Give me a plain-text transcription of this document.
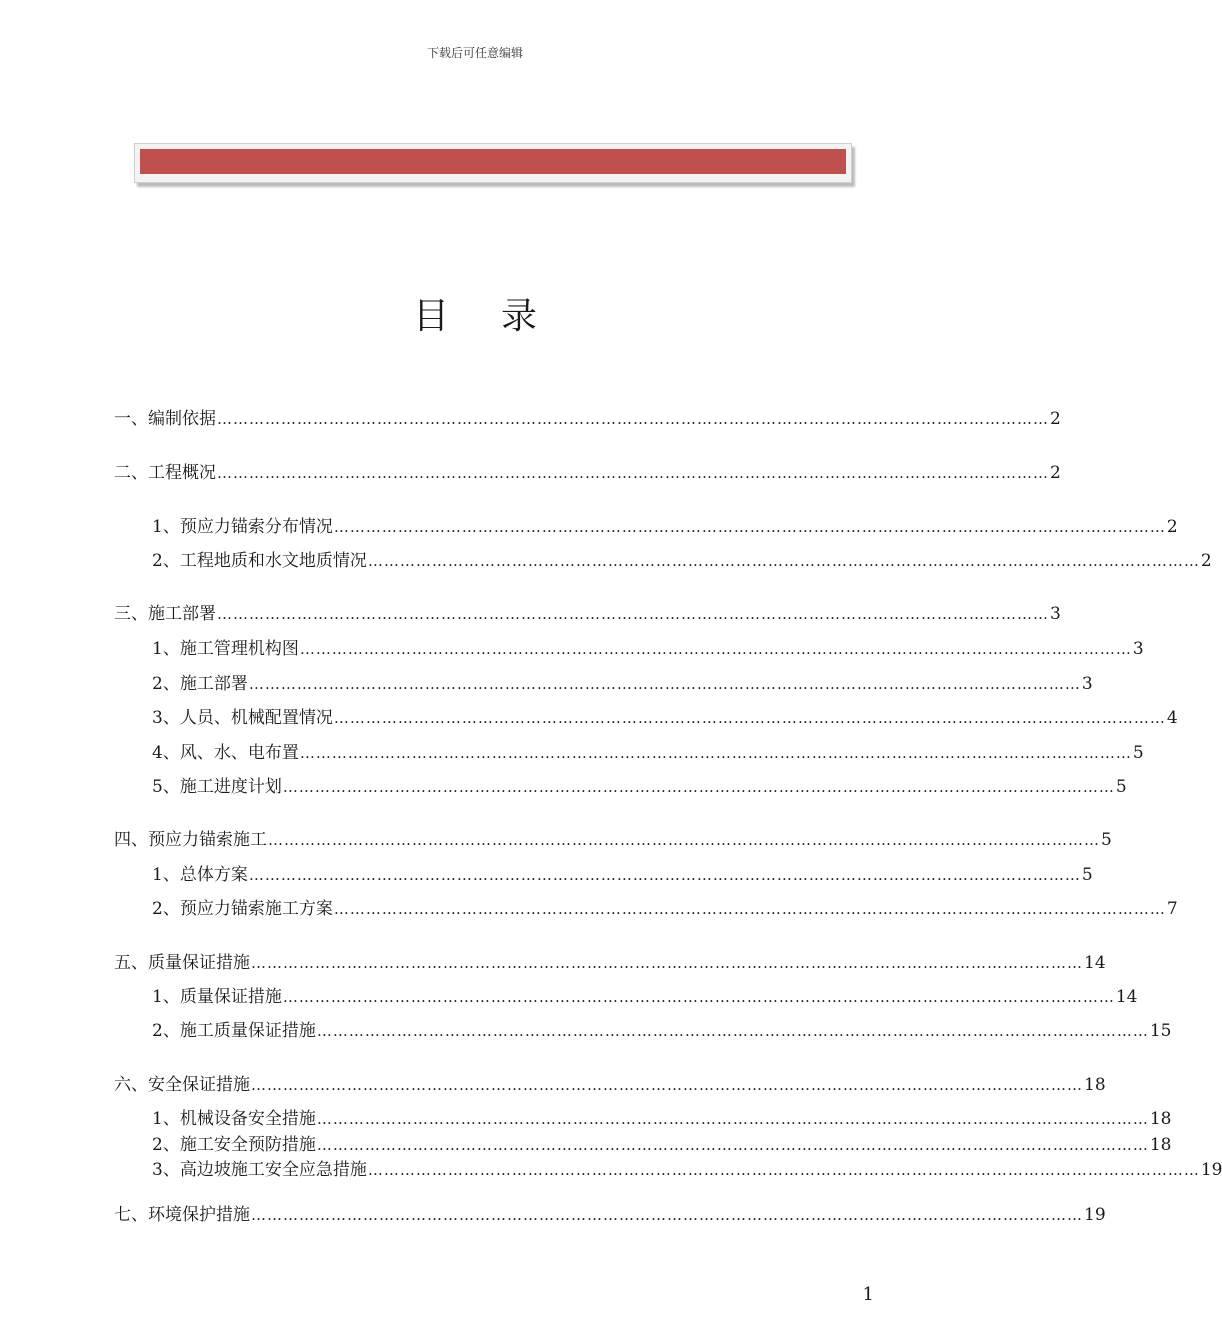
下载后可任意编辑
目录
一、编制依据 ………………………………………………………………………………………………………………………………………… 2
二、工程概况 ………………………………………………………………………………………………………………………………………… 2
1、预应力锚索分布情况 ………………………………………………………………………………………………………………………………………… 2
2、工程地质和水文地质情况 ………………………………………………………………………………………………………………………………………… 2
三、施工部署 ………………………………………………………………………………………………………………………………………… 3
1、施工管理机构图 ………………………………………………………………………………………………………………………………………… 3
2、施工部署 ………………………………………………………………………………………………………………………………………… 3
3、人员、机械配置情况 ………………………………………………………………………………………………………………………………………… 4
4、风、水、电布置 ………………………………………………………………………………………………………………………………………… 5
5、施工进度计划 ………………………………………………………………………………………………………………………………………… 5
四、预应力锚索施工 ………………………………………………………………………………………………………………………………………… 5
1、总体方案 ………………………………………………………………………………………………………………………………………… 5
2、预应力锚索施工方案 ………………………………………………………………………………………………………………………………………… 7
五、质量保证措施 ………………………………………………………………………………………………………………………………………… 14
1、质量保证措施 ………………………………………………………………………………………………………………………………………… 14
2、施工质量保证措施 ………………………………………………………………………………………………………………………………………… 15
六、安全保证措施 ………………………………………………………………………………………………………………………………………… 18
1、机械设备安全措施 ………………………………………………………………………………………………………………………………………… 18
2、施工安全预防措施 ………………………………………………………………………………………………………………………………………… 18
3、高边坡施工安全应急措施 ………………………………………………………………………………………………………………………………………… 19
七、环境保护措施 ………………………………………………………………………………………………………………………………………… 19
1
